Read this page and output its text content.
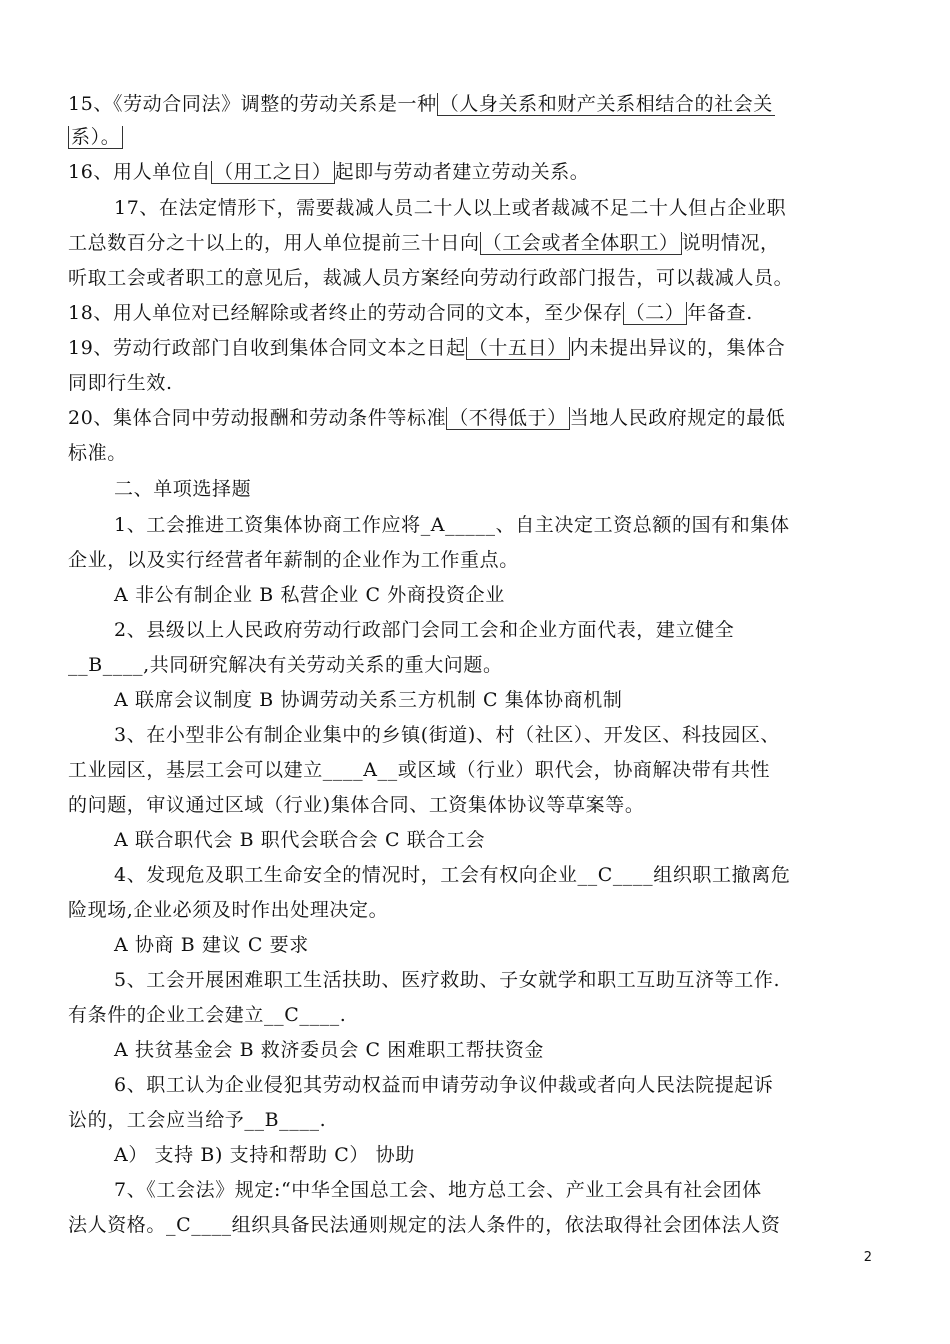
15、《劳动合同法》调整的劳动关系是一种 （人身关系和财产关系相结合的社会关
系）。
16、用人单位自 （用工之日） 起即与劳动者建立劳动关系。
17、在法定情形下，需要裁减人员二十人以上或者裁减不足二十人但占企业职
工总数百分之十以上的，用人单位提前三十日向 （工会或者全体职工） 说明情况，
听取工会或者职工的意见后，裁减人员方案经向劳动行政部门报告，可以裁减人员。
18、用人单位对已经解除或者终止的劳动合同的文本，至少保存 （二） 年备查.
19、劳动行政部门自收到集体合同文本之日起 （十五日） 内未提出异议的，集体合
同即行生效.
20、集体合同中劳动报酬和劳动条件等标准 （不得低于） 当地人民政府规定的最低
标准。
二、单项选择题
1、工会推进工资集体协商工作应将_A_____、自主决定工资总额的国有和集体
企业，以及实行经营者年薪制的企业作为工作重点。
A 非公有制企业 B 私营企业 C 外商投资企业
2、县级以上人民政府劳动行政部门会同工会和企业方面代表，建立健全
__B____,共同研究解决有关劳动关系的重大问题。
A 联席会议制度 B 协调劳动关系三方机制 C 集体协商机制
3、在小型非公有制企业集中的乡镇(街道)、村（社区）、开发区、科技园区、
工业园区，基层工会可以建立____A__或区域（行业）职代会，协商解决带有共性
的问题，审议通过区域（行业)集体合同、工资集体协议等草案等。
A 联合职代会 B 职代会联合会 C 联合工会
4、发现危及职工生命安全的情况时，工会有权向企业__C____组织职工撤离危
险现场,企业必须及时作出处理决定。
A 协商 B 建议 C 要求
5、工会开展困难职工生活扶助、医疗救助、子女就学和职工互助互济等工作.
有条件的企业工会建立__C____.
A 扶贫基金会 B 救济委员会 C 困难职工帮扶资金
6、职工认为企业侵犯其劳动权益而申请劳动争议仲裁或者向人民法院提起诉
讼的，工会应当给予__B____.
A） 支持 B) 支持和帮助 C） 协助
7、《工会法》规定:“中华全国总工会、地方总工会、产业工会具有社会团体
法人资格。_C____组织具备民法通则规定的法人条件的，依法取得社会团体法人资
2
